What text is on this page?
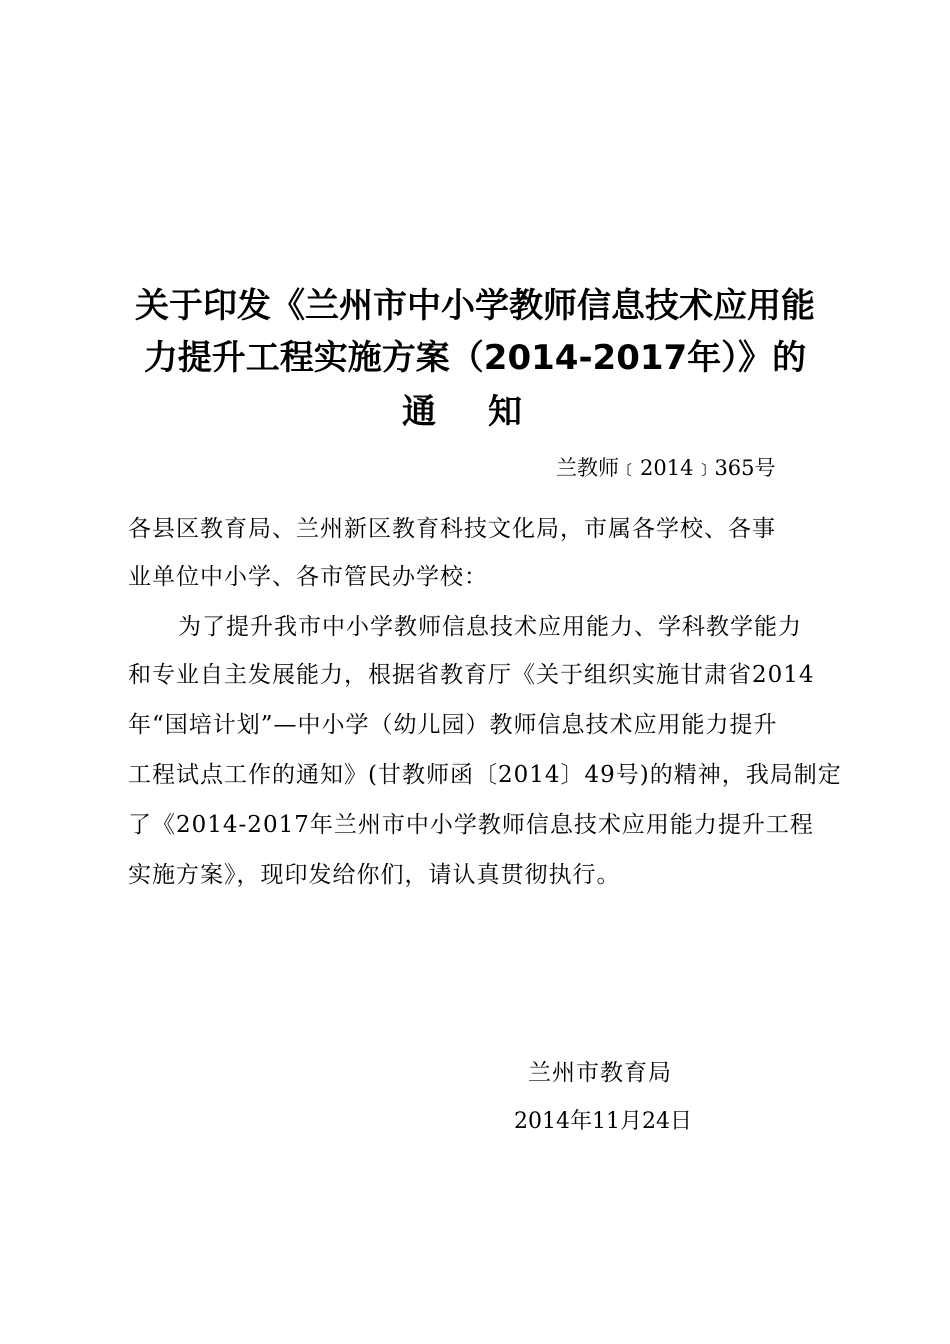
关于印发《兰州市中小学教师信息技术应用能
力提升工程实施方案（2014-2017年）》的
通 知
兰教师﹝2014﹞365号
各县区教育局、兰州新区教育科技文化局，市属各学校、各事
业单位中小学、各市管民办学校：
为了提升我市中小学教师信息技术应用能力、学科教学能力
和专业自主发展能力，根据省教育厅《关于组织实施甘肃省2014
年“国培计划”—中小学（幼儿园）教师信息技术应用能力提升
工程试点工作的通知》(甘教师函〔2014〕49号)的精神，我局制定
了《2014-2017年兰州市中小学教师信息技术应用能力提升工程
实施方案》，现印发给你们，请认真贯彻执行。
兰州市教育局
2014年11月24日
